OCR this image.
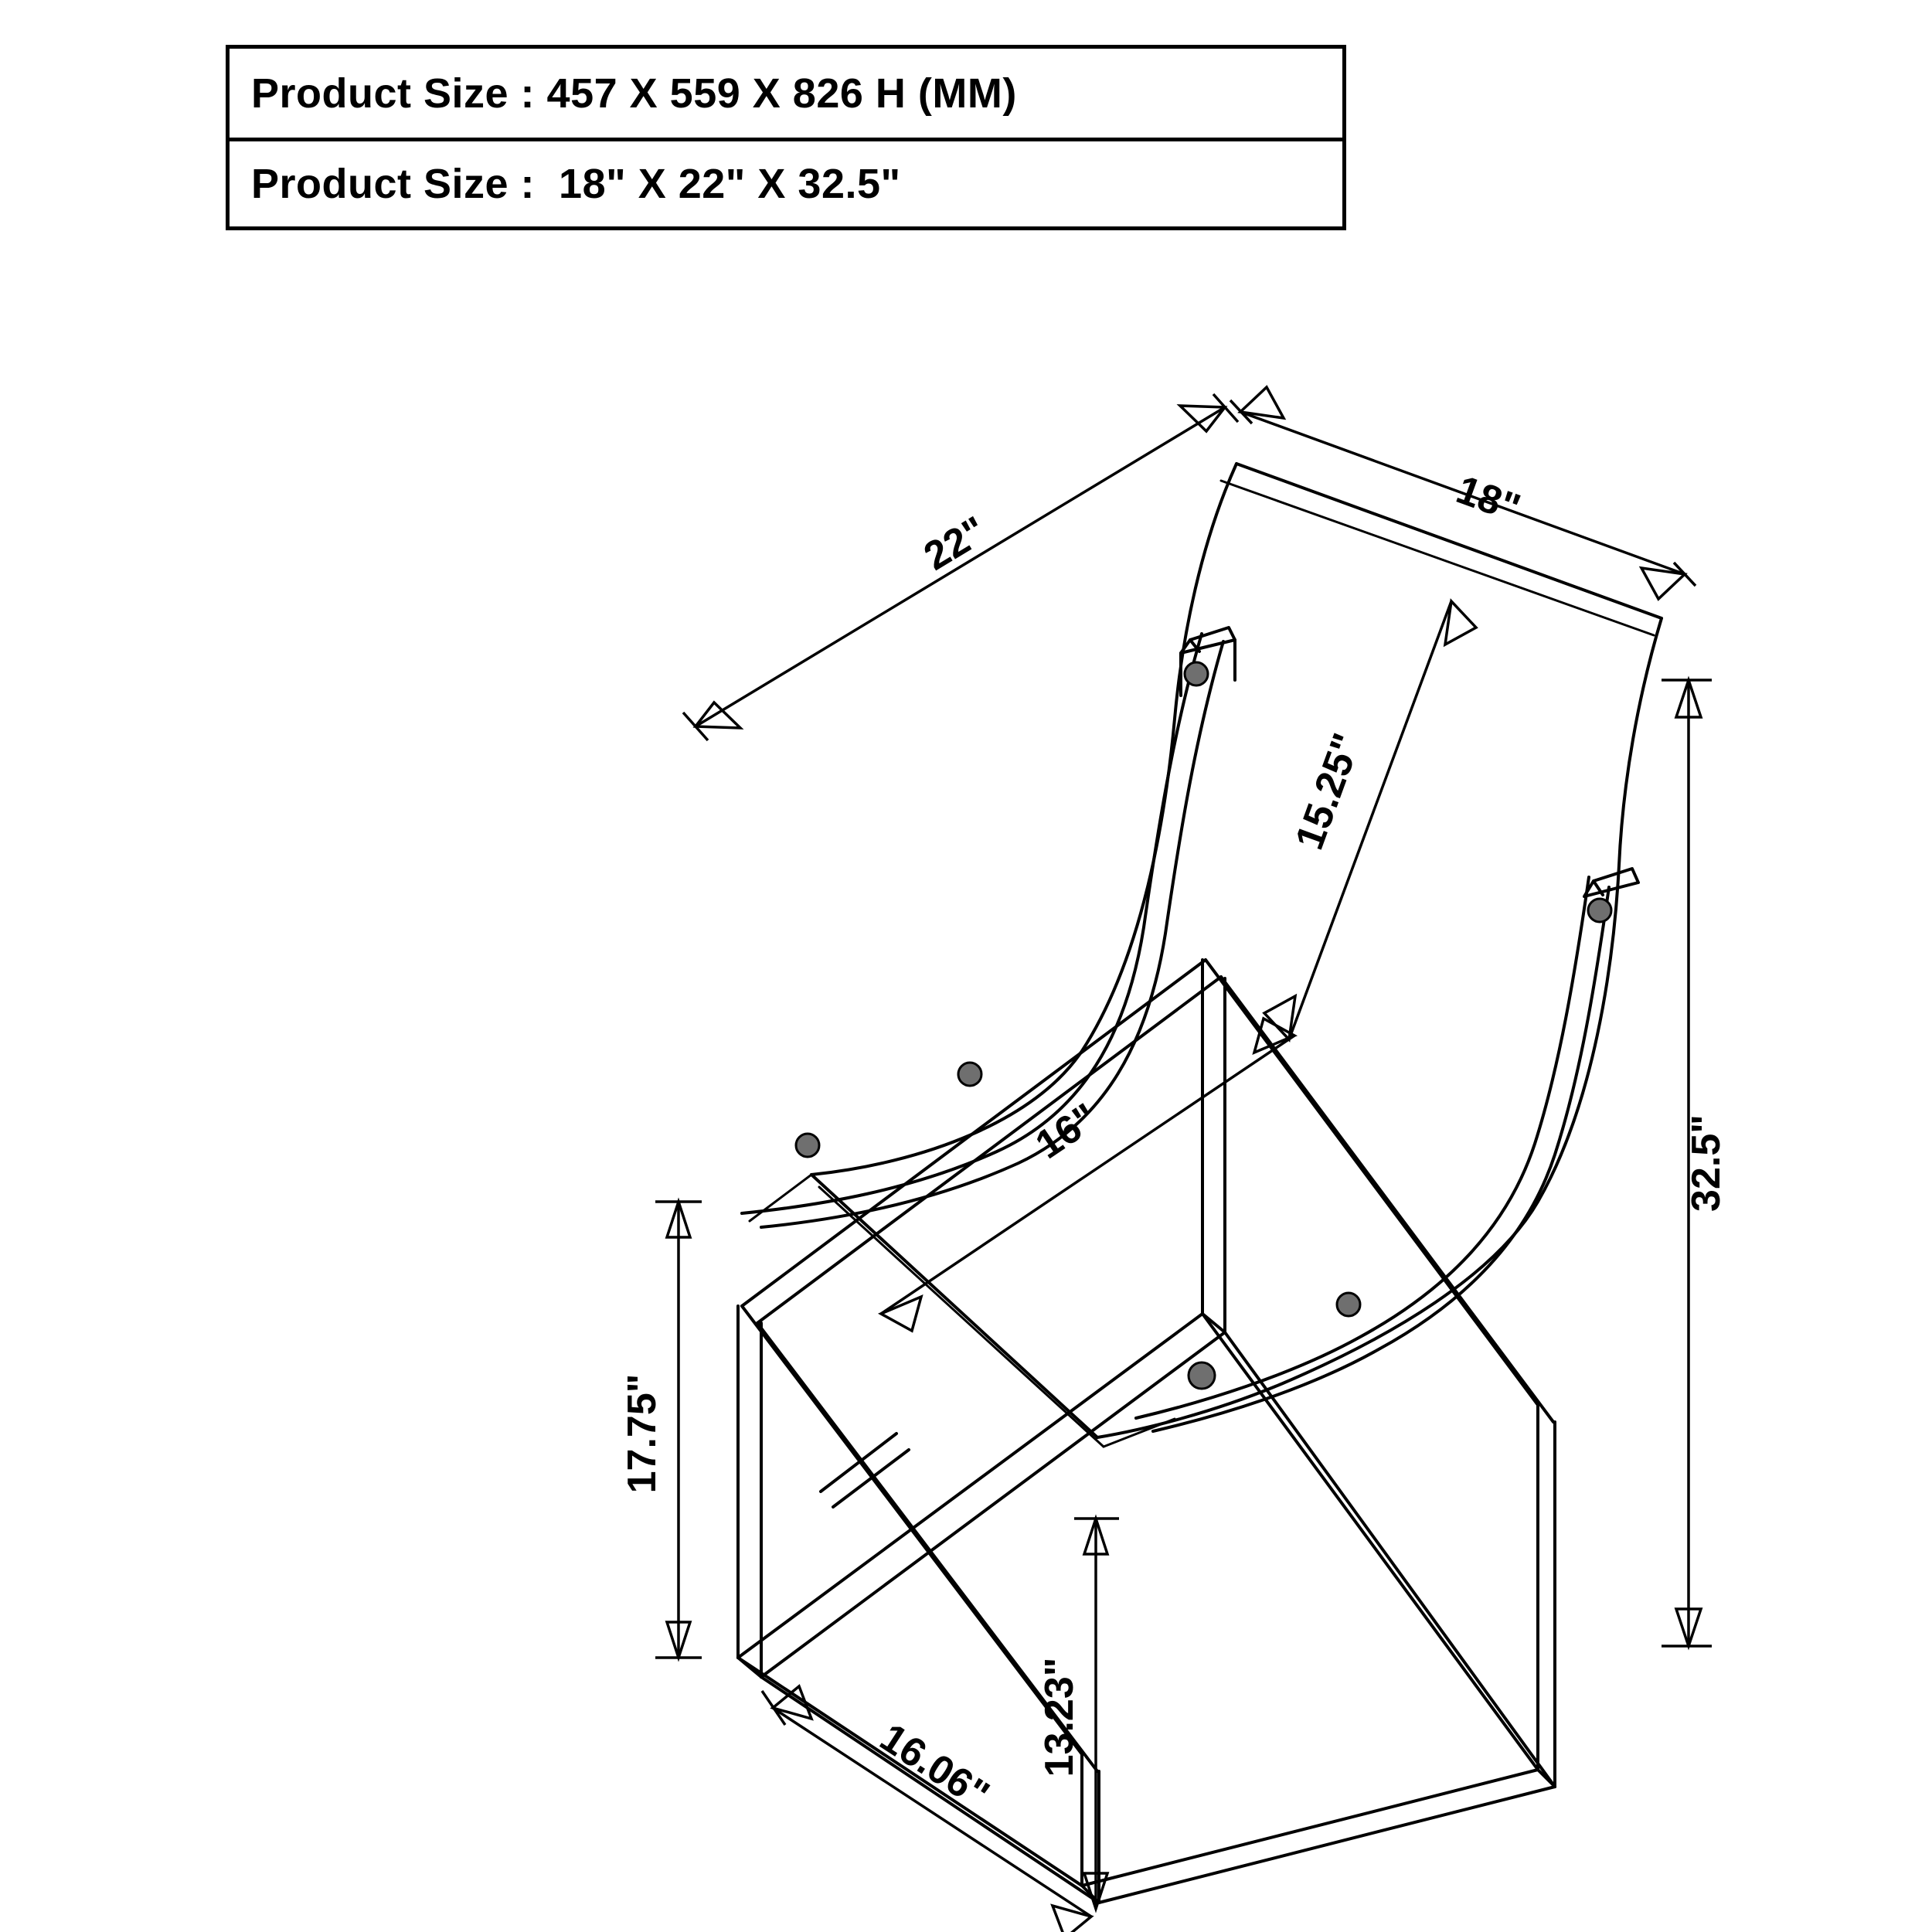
Product Size : 457 X 559 X 826 H (MM)
Product Size :  18" X 22" X 32.5"
22"
18"
15.25"
16"	32.5"
17.75"
13.23"
16.06"
